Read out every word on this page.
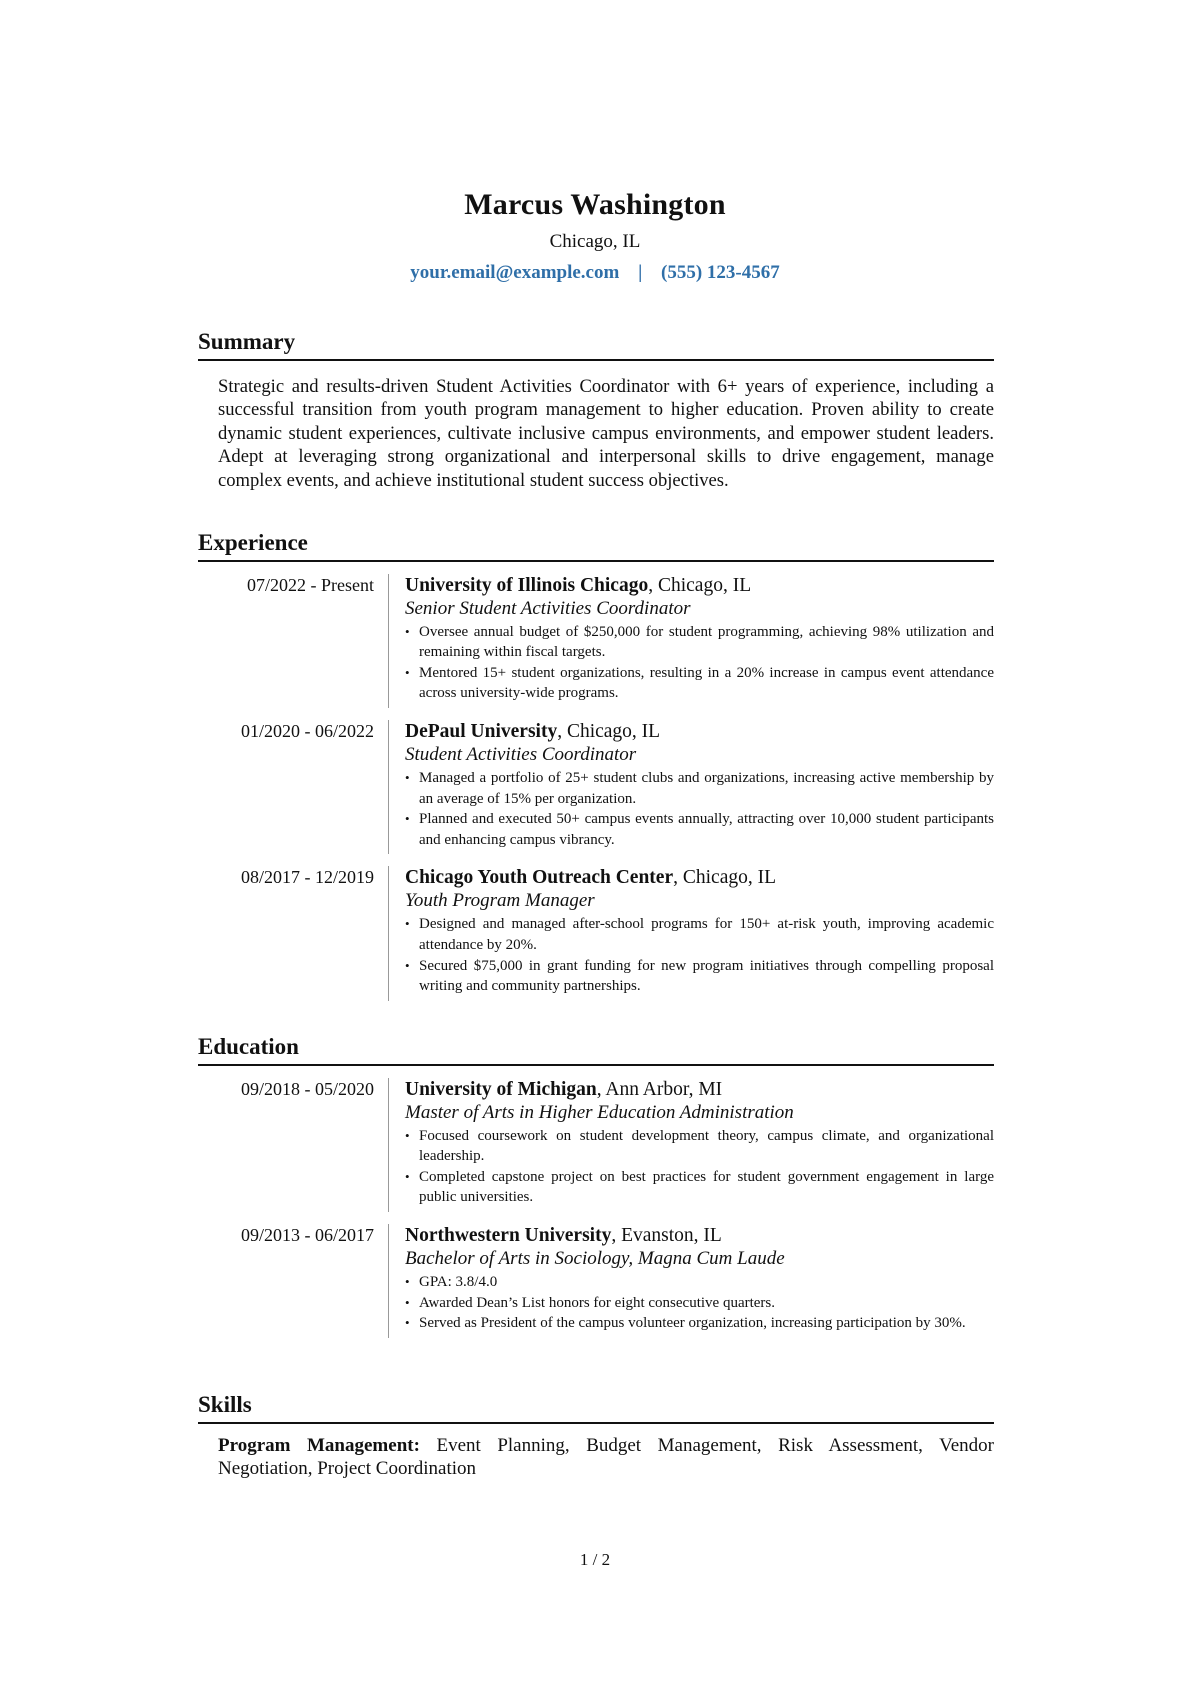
Marcus Washington
Chicago, IL
your.email@example.com | (555) 123-4567
Summary
Strategic and results-driven Student Activities Coordinator with 6+ years of experience, including a successful transition from youth program management to higher education. Proven ability to create dynamic student experiences, cultivate inclusive campus environments, and empower student leaders. Adept at leveraging strong organizational and interpersonal skills to drive engagement, manage complex events, and achieve institutional student success objectives.
Experience
07/2022 - Present University of Illinois Chicago, Chicago, IL
Senior Student Activities Coordinator
• Oversee annual budget of $250,000 for student programming, achieving 98% utilization and remaining within fiscal targets.
• Mentored 15+ student organizations, resulting in a 20% increase in campus event attendance across university-wide programs.
01/2020 - 06/2022 DePaul University, Chicago, IL
Student Activities Coordinator
• Managed a portfolio of 25+ student clubs and organizations, increasing active membership by an average of 15% per organization.
• Planned and executed 50+ campus events annually, attracting over 10,000 student participants and enhancing campus vibrancy.
08/2017 - 12/2019 Chicago Youth Outreach Center, Chicago, IL
Youth Program Manager
• Designed and managed after-school programs for 150+ at-risk youth, improving academic attendance by 20%.
• Secured $75,000 in grant funding for new program initiatives through compelling proposal writing and community partnerships.
Education
09/2018 - 05/2020 University of Michigan, Ann Arbor, MI
Master of Arts in Higher Education Administration
• Focused coursework on student development theory, campus climate, and organizational leadership.
• Completed capstone project on best practices for student government engagement in large public universities.
09/2013 - 06/2017 Northwestern University, Evanston, IL
Bachelor of Arts in Sociology, Magna Cum Laude
• GPA: 3.8/4.0
• Awarded Dean’s List honors for eight consecutive quarters.
• Served as President of the campus volunteer organization, increasing participation by 30%.
Skills
Program Management: Event Planning, Budget Management, Risk Assessment, Vendor Negotiation, Project Coordination
1 / 2
